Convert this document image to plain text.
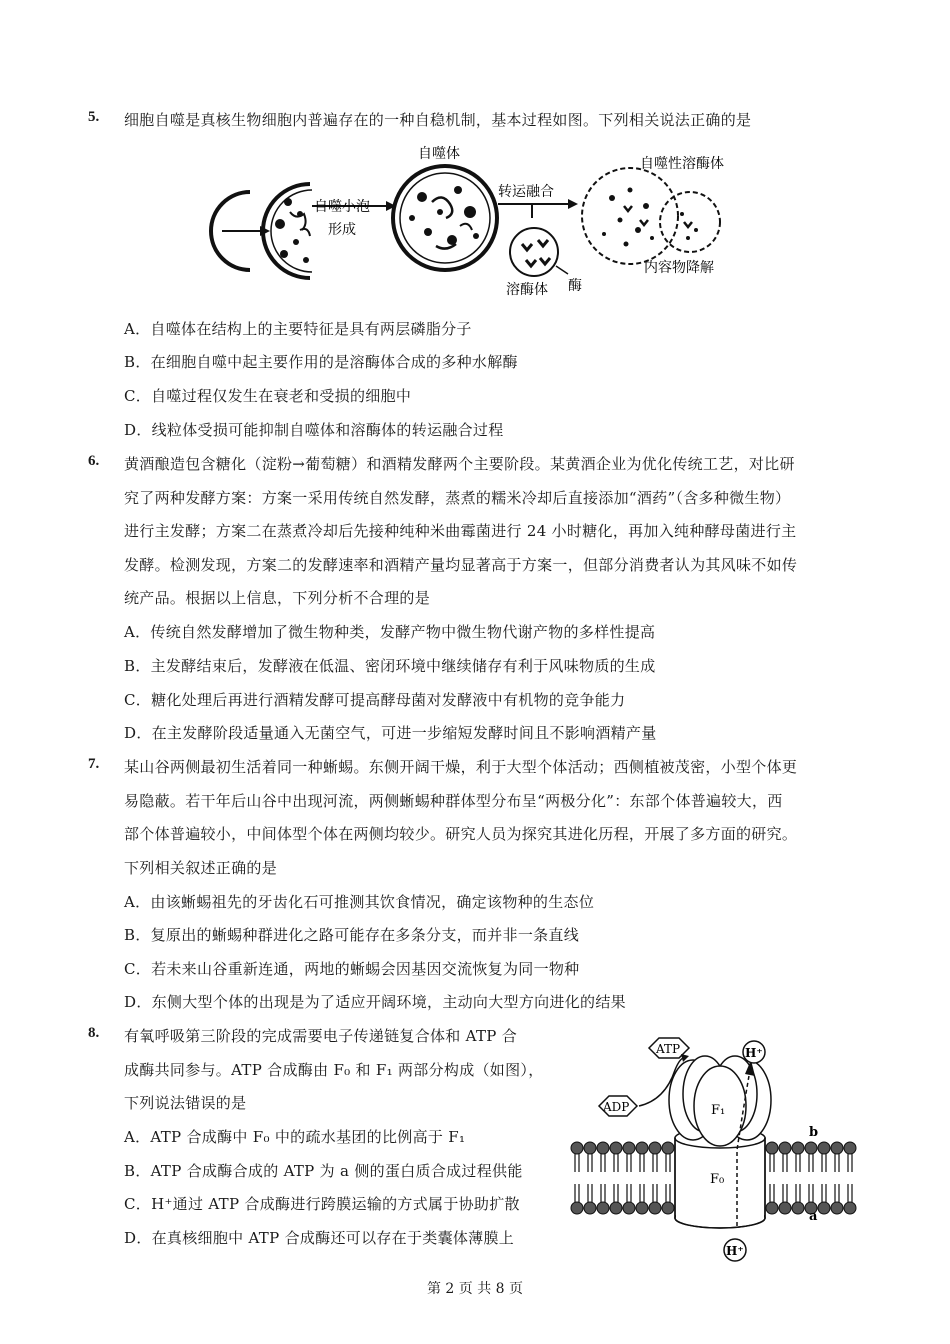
5. 细胞自噬是真核生物细胞内普遍存在的一种自稳机制，基本过程如图。下列相关说法正确的是
自噬小泡
形成
自噬体
转运融合
溶酶体 酶
自噬性溶酶体
内容物降解
A．自噬体在结构上的主要特征是具有两层磷脂分子
B．在细胞自噬中起主要作用的是溶酶体合成的多种水解酶
C．自噬过程仅发生在衰老和受损的细胞中
D．线粒体受损可能抑制自噬体和溶酶体的转运融合过程
6. 黄酒酿造包含糖化（淀粉→葡萄糖）和酒精发酵两个主要阶段。某黄酒企业为优化传统工艺，对比研
究了两种发酵方案：方案一采用传统自然发酵，蒸煮的糯米冷却后直接添加“酒药”（含多种微生物）
进行主发酵；方案二在蒸煮冷却后先接种纯种米曲霉菌进行 24 小时糖化，再加入纯种酵母菌进行主
发酵。检测发现，方案二的发酵速率和酒精产量均显著高于方案一，但部分消费者认为其风味不如传
统产品。根据以上信息，下列分析不合理的是
A．传统自然发酵增加了微生物种类，发酵产物中微生物代谢产物的多样性提高
B．主发酵结束后，发酵液在低温、密闭环境中继续储存有利于风味物质的生成
C．糖化处理后再进行酒精发酵可提高酵母菌对发酵液中有机物的竞争能力
D．在主发酵阶段适量通入无菌空气，可进一步缩短发酵时间且不影响酒精产量
7. 某山谷两侧最初生活着同一种蜥蜴。东侧开阔干燥，利于大型个体活动；西侧植被茂密，小型个体更
易隐蔽。若干年后山谷中出现河流，两侧蜥蜴种群体型分布呈“两极分化”：东部个体普遍较大，西
部个体普遍较小，中间体型个体在两侧均较少。研究人员为探究其进化历程，开展了多方面的研究。
下列相关叙述正确的是
A．由该蜥蜴祖先的牙齿化石可推测其饮食情况，确定该物种的生态位
B．复原出的蜥蜴种群进化之路可能存在多条分支，而并非一条直线
C．若未来山谷重新连通，两地的蜥蜴会因基因交流恢复为同一物种
D．东侧大型个体的出现是为了适应开阔环境，主动向大型方向进化的结果
8. 有氧呼吸第三阶段的完成需要电子传递链复合体和 ATP 合
成酶共同参与。ATP 合成酶由 F₀ 和 F₁ 两部分构成（如图），
下列说法错误的是
A．ATP 合成酶中 F₀ 中的疏水基团的比例高于 F₁
B．ATP 合成酶合成的 ATP 为 a 侧的蛋白质合成过程供能
C．H⁺通过 ATP 合成酶进行跨膜运输的方式属于协助扩散
D．在真核细胞中 ATP 合成酶还可以存在于类囊体薄膜上
F₀
F₁
H⁺
H⁺
ATP
ADP
b
a
第 2 页 共 8 页
